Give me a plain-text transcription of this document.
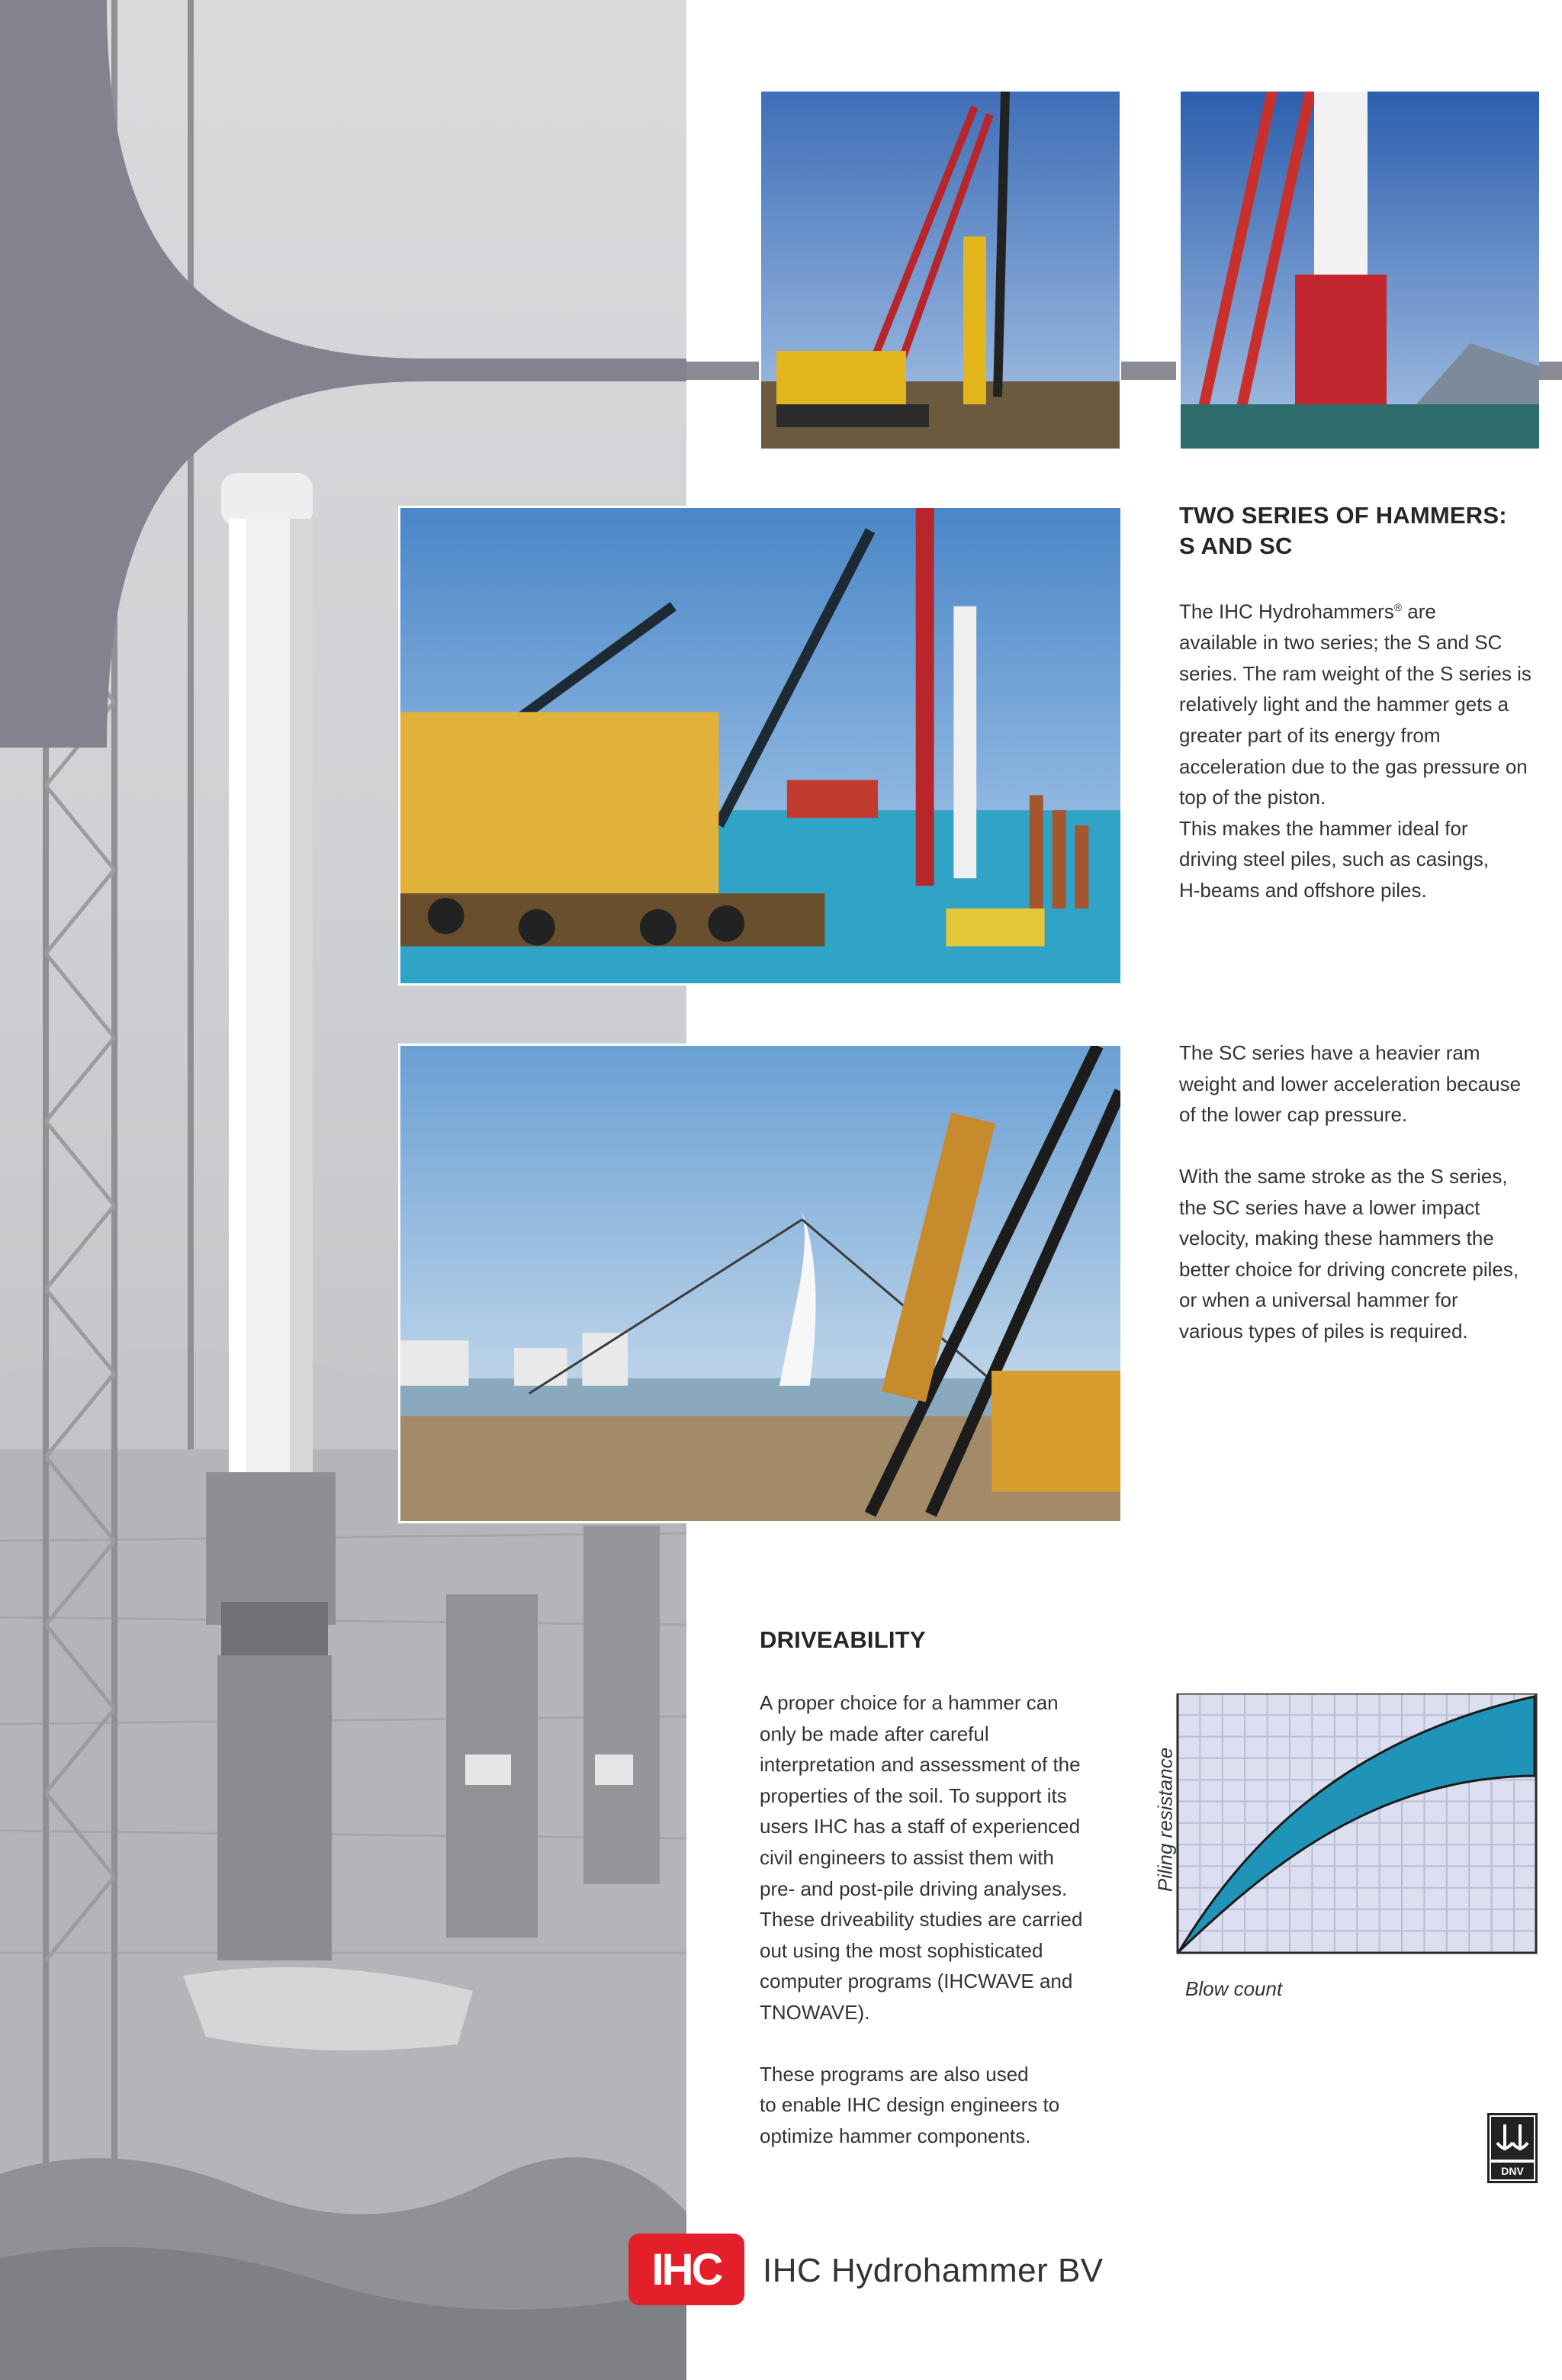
TWO SERIES OF HAMMERS:
S AND SC
The IHC Hydrohammers® are
available in two series; the S and SC
series. The ram weight of the S series is
relatively light and the hammer gets a
greater part of its energy from
acceleration due to the gas pressure on
top of the piston.
This makes the hammer ideal for
driving steel piles, such as casings,
H-beams and offshore piles.
The SC series have a heavier ram
weight and lower acceleration because
of the lower cap pressure.
With the same stroke as the S series,
the SC series have a lower impact
velocity, making these hammers the
better choice for driving concrete piles,
or when a universal hammer for
various types of piles is required.
DRIVEABILITY
A proper choice for a hammer can
only be made after careful
interpretation and assessment of the
properties of the soil. To support its
users IHC has a staff of experienced
civil engineers to assist them with
pre- and post-pile driving analyses.
These driveability studies are carried
out using the most sophisticated
computer programs (IHCWAVE and
TNOWAVE).
These programs are also used
to enable IHC design engineers to
optimize hammer components.
Blow count
Piling resistance
DNV
IHC IHC Hydrohammer BV
